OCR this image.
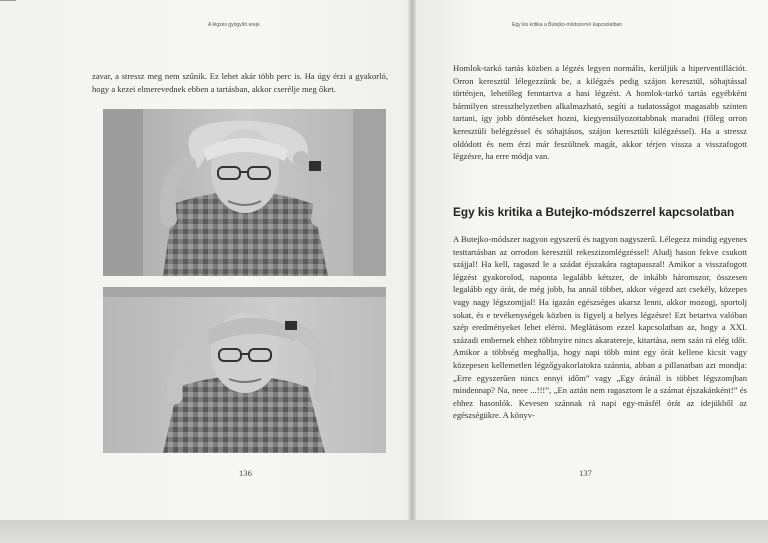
A légzés gyógyító ereje
zavar, a stressz meg nem szűnik. Ez lehet akár több perc is. Ha úgy érzi a gyakorló, hogy a kezei elmerevednek ebben a tartásban, akkor cserélje meg őket.
136
Egy kis kritika a Butejko-módszerrel kapcsolatban
Homlok-tarkó tartás közben a légzés legyen normális, kerüljük a hiperventillációt. Orron keresztül lélegezzünk be, a kilégzés pedig szájon keresztül, sóhajtással történjen, lehetőleg fenntartva a hasi légzést. A homlok-tarkó tartás egyébként bármilyen stresszhelyzetben alkalmazható, segíti a tudatosságot magasabb szinten tartani, így jobb döntéseket hozni, kiegyensúlyozottabbnak maradni (főleg orron keresztüli belégzéssel és sóhajtásos, szájon keresztüli kilégzéssel). Ha a stressz oldódott és nem érzi már feszültnek magát, akkor térjen vissza a visszafogott légzésre, ha erre módja van.
Egy kis kritika a Butejko-módszerrel kapcsolatban
A Butejko-módszer nagyon egyszerű és nagyon nagyszerű. Lélegezz mindig egyenes testtartásban az orrodon keresztül rekeszizomlégzéssel! Aludj hason fekve csukott szájjal! Ha kell, ragaszd le a szádat éjszakára ragtapasszal! Amikor a visszafogott légzést gyakorolod, naponta legalább kétszer, de inkább háromszor, összesen legalább egy órát, de még jobb, ha annál többet, akkor végezd azt csekély, közepes vagy nagy légszomjjal! Ha igazán egészséges akarsz lenni, akkor mozogj, sportolj sokat, és e tevékenységek közben is figyelj a helyes légzésre! Ezt betartva valóban szép eredményeket lehet elérni. Meglátásom ezzel kapcsolatban az, hogy a XXI. századi embernek ehhez többnyire nincs akaratereje, kitartása, nem szán rá elég időt. Amikor a többség meghallja, hogy napi több mint egy órát kellene kicsit vagy közepesen kellemetlen légzőgyakorlatokra szánnia, abban a pillanatban azt mondja: „Erre egyszerűen nincs ennyi időm” vagy „Egy óránál is többet légszomjban mindennap? Na, neee ...!!!”, „En aztán nem ragasztom le a számat éjszakánként!” és ehhez hasonlók. Kevesen szánnak rá napi egy-másfél órát az idejükből az egészségükre. A könyv-
137
